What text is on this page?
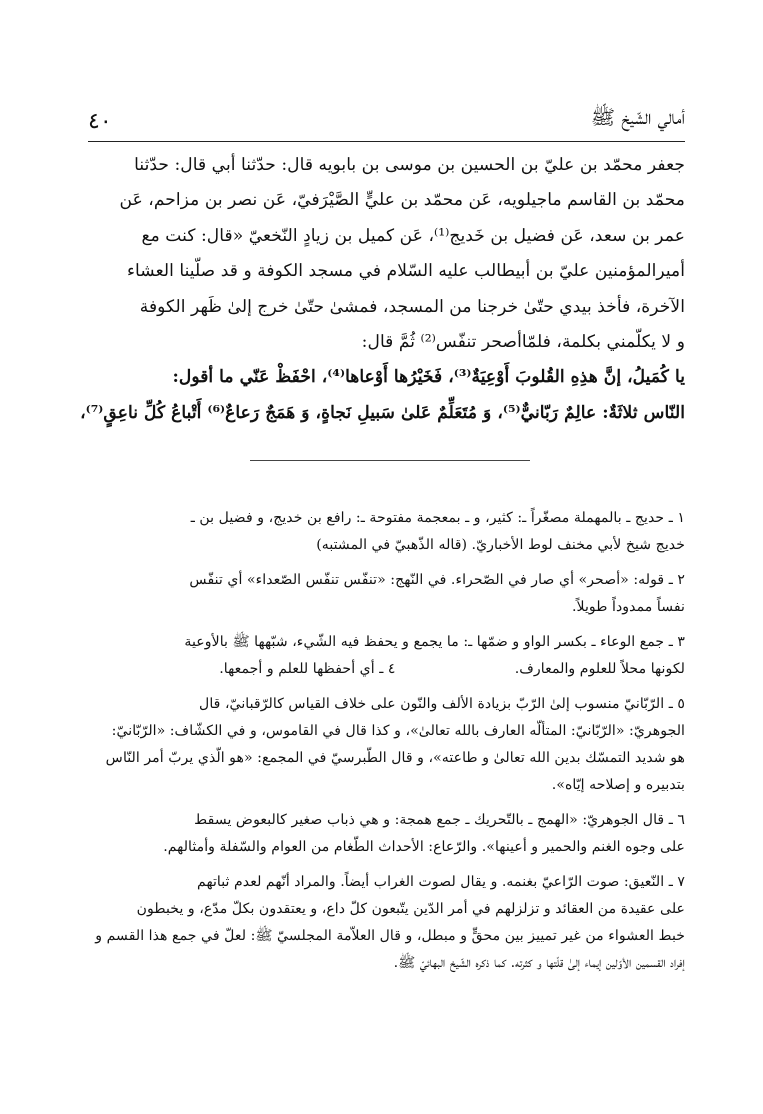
٤٠	أمالي الشّيخ ﷺ
جعفر محمّد بن عليّ بن الحسين بن موسى بن بابويه قال: حدّثنا أبي قال: حدّثنا
محمّد بن القاسم ماجيلويه، عَن محمّد بن عليٍّ الصَّيْرَفيّ، عَن نصر بن مزاحم، عَن
عمر بن سعد، عَن فضيل بن خَديج⁽¹⁾، عَن كميل بن زيادٍ النّخعيّ «قال: كنت مع
أميرالمؤمنين عليّ بن أبيطالب عليه السّلام في مسجد الكوفة و قد صلّينا العشاء
الآخرة، فأخذ بيدي حتّىٰ خرجنا من المسجد، فمشىٰ حتّىٰ خرج إلىٰ ظَهر الكوفة
و لا يكلّمني بكلمة، فلمّاأصحر تنفّس⁽²⁾ ثُمَّ قال:
يا كُمَيلُ، إنَّ هذِهِ القُلوبَ أَوْعِيَةٌ⁽³⁾، فَخَيْرُها أَوْعاها⁽⁴⁾، احْفَظْ عَنّي ما أقول:
النّاس ثلاثَةٌ: عالِمٌ رَبّانيٌّ⁽⁵⁾، وَ مُتَعَلِّمٌ عَلىٰ سَبيلِ نَجاةٍ، وَ هَمَجٌ رَعاعٌ⁽⁶⁾ أَتْباعُ كُلِّ ناعِقٍ⁽⁷⁾،
١ ـ حديج ـ بالمهملة مصغّراً ـ: كثير، و ـ بمعجمة مفتوحة ـ: رافع بن خديج، و فضيل بن ـ
خديج شيخ لأبي مخنف لوط الأخباريّ. (قاله الذّهبيّ في المشتبه)
٢ ـ قوله: «أصحر» أي صار في الصّحراء. في النّهج: «تنفّس تنفّس الصّعداء» أي تنفّس
نفساً ممدوداً طويلاً.
٣ ـ جمع الوعاء ـ بكسر الواو و ضمّها ـ: ما يجمع و يحفظ فيه الشّيء، شبّهها ﷺ بالأوعية
لكونها محلاً للعلوم والمعارف.
٤ ـ أي أحفظها للعلم و أجمعها.
٥ ـ الرّبّانيّ منسوب إلىٰ الرّبّ بزيادة الألف والنّون على خلاف القياس كالرّقبانيّ، قال
الجوهريّ: «الرّبّانيّ: المتألّه العارف بالله تعالىٰ»، و كذا قال في القاموس، و في الكشّاف: «الرّبّانيّ:
هو شديد التمسّك بدين الله تعالىٰ و طاعته»، و قال الطّبرسيّ في المجمع: «هو الّذي يربّ أمر النّاس
بتدبيره و إصلاحه إيّاه».
٦ ـ قال الجوهريّ: «الهمج ـ بالتّحريك ـ جمع همجة: و هي ذباب صغير كالبعوض يسقط
على وجوه الغنم والحمير و أعينها». والرّعاع: الأحداث الطّغام من العوام والسّفلة وأمثالهم.
٧ ـ النّعيق: صوت الرّاعيّ بغنمه. و يقال لصوت الغراب أيضاً. والمراد أنّهم لعدم ثباتهم
على عقيدة من العقائد و تزلزلهم في أمر الدّين يتّبعون كلّ داع، و يعتقدون بكلّ مدّع، و يخبطون
خبط العشواء من غير تمييز بين محقٍّ و مبطل، و قال العلاّمة المجلسيّ ﷺ: لعلّ في جمع هذا القسم و
إفراد القسمين الأوّلين إيماء إلىٰ قلّتها و كثرته. كما ذكره الشّيخ البهائيّ ﷺ.
